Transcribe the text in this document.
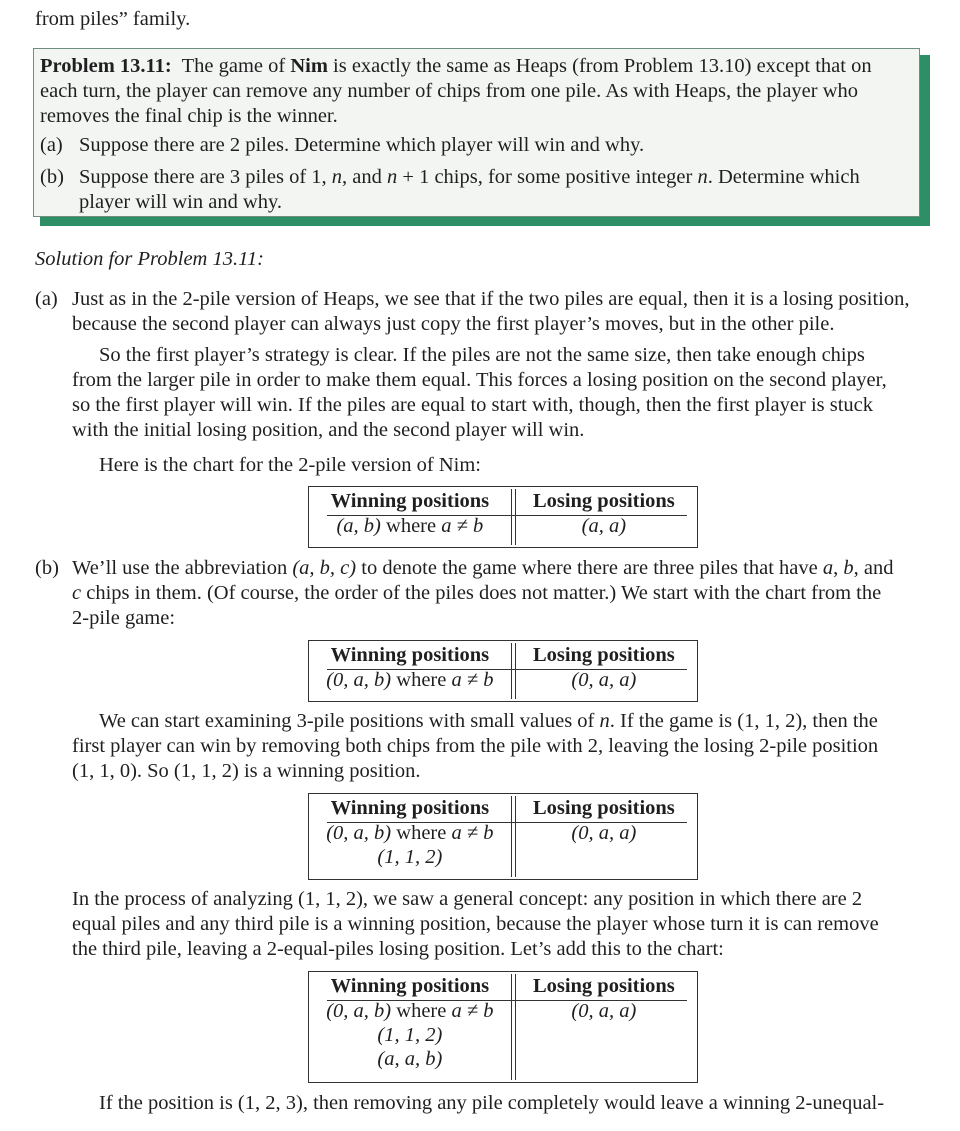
from piles” family.
Problem 13.11: The game of Nim is exactly the same as Heaps (from Problem 13.10) except that on
each turn, the player can remove any number of chips from one pile. As with Heaps, the player who
removes the final chip is the winner.
(a) Suppose there are 2 piles. Determine which player will win and why.
(b) Suppose there are 3 piles of 1, n, and n + 1 chips, for some positive integer n. Determine which
player will win and why.
Solution for Problem 13.11:
(a) Just as in the 2-pile version of Heaps, we see that if the two piles are equal, then it is a losing position,
because the second player can always just copy the first player’s moves, but in the other pile.
So the first player’s strategy is clear. If the piles are not the same size, then take enough chips
from the larger pile in order to make them equal. This forces a losing position on the second player,
so the first player will win. If the piles are equal to start with, though, then the first player is stuck
with the initial losing position, and the second player will win.
Here is the chart for the 2-pile version of Nim:
Winning positions
(a, b) where a ≠ b
Losing positions
(a, a)
(b) We’ll use the abbreviation (a, b, c) to denote the game where there are three piles that have a, b, and
c chips in them. (Of course, the order of the piles does not matter.) We start with the chart from the
2-pile game:
Winning positions
(0, a, b) where a ≠ b
Losing positions
(0, a, a)
We can start examining 3-pile positions with small values of n. If the game is (1, 1, 2), then the
first player can win by removing both chips from the pile with 2, leaving the losing 2-pile position
(1, 1, 0). So (1, 1, 2) is a winning position.
Winning positions
(0, a, b) where a ≠ b
(1, 1, 2)
Losing positions
(0, a, a)
In the process of analyzing (1, 1, 2), we saw a general concept: any position in which there are 2
equal piles and any third pile is a winning position, because the player whose turn it is can remove
the third pile, leaving a 2-equal-piles losing position. Let’s add this to the chart:
Winning positions
(0, a, b) where a ≠ b
(1, 1, 2)
(a, a, b)
Losing positions
(0, a, a)
If the position is (1, 2, 3), then removing any pile completely would leave a winning 2-unequal-
